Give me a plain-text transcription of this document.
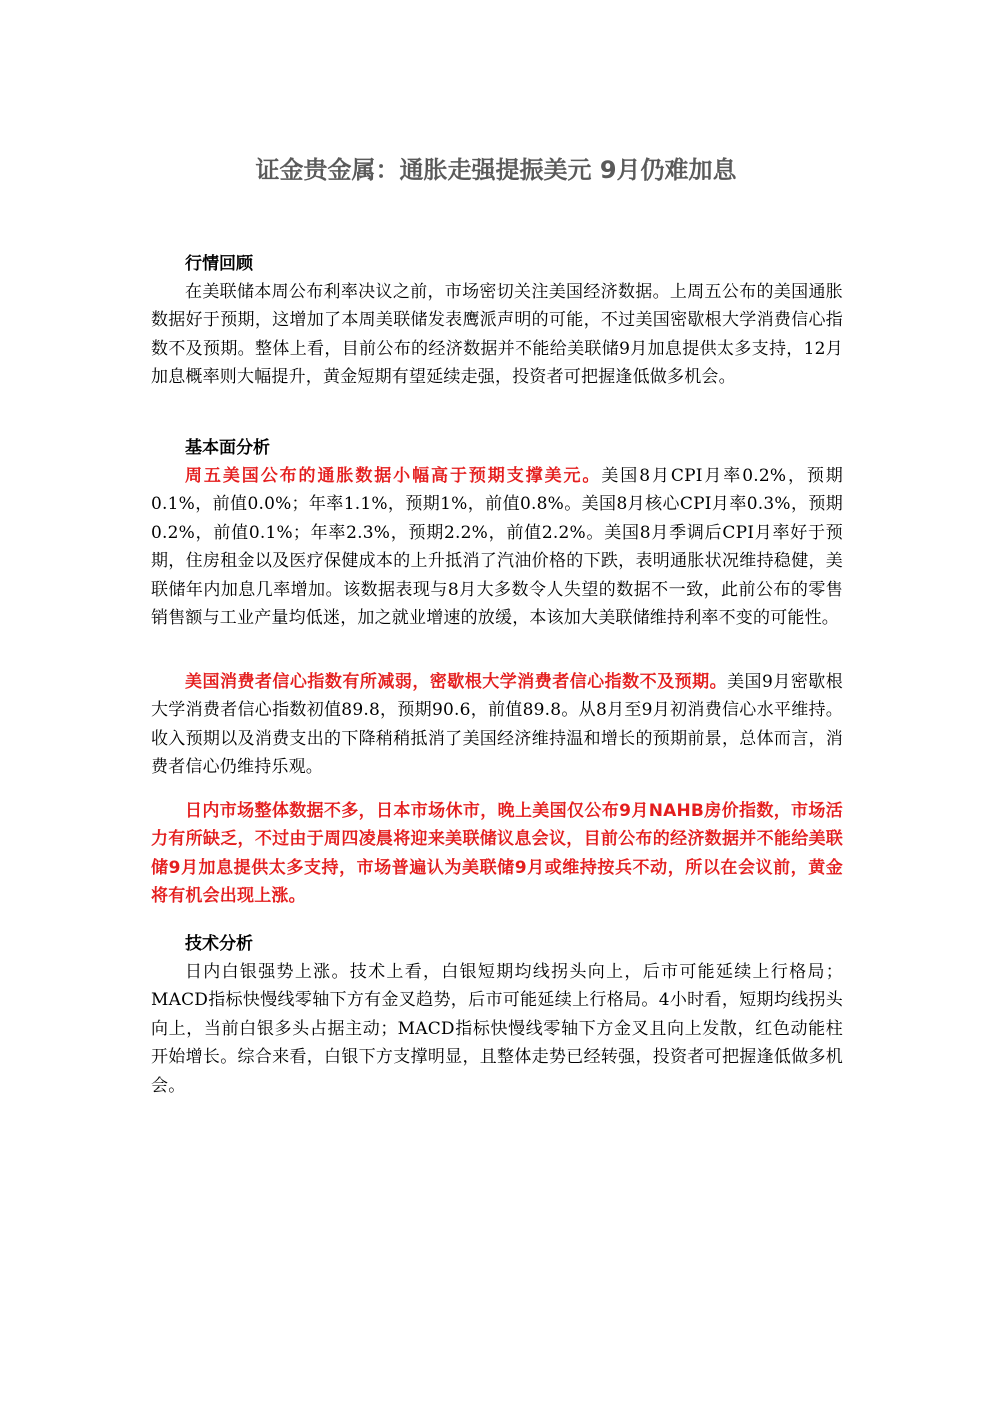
证金贵金属：通胀走强提振美元 9月仍难加息
行情回顾

在美联储本周公布利率决议之前，市场密切关注美国经济数据。上周五公布的美国通胀数据好于预期，这增加了本周美联储发表鹰派声明的可能，不过美国密歇根大学消费信心指数不及预期。整体上看，目前公布的经济数据并不能给美联储9月加息提供太多支持，12月加息概率则大幅提升，黄金短期有望延续走强，投资者可把握逢低做多机会。

基本面分析

周五美国公布的通胀数据小幅高于预期支撑美元。美国8月CPI月率0.2%，预期0.1%，前值0.0%；年率1.1%，预期1%，前值0.8%。美国8月核心CPI月率0.3%，预期0.2%，前值0.1%；年率2.3%，预期2.2%，前值2.2%。美国8月季调后CPI月率好于预期，住房租金以及医疗保健成本的上升抵消了汽油价格的下跌，表明通胀状况维持稳健，美联储年内加息几率增加。该数据表现与8月大多数令人失望的数据不一致，此前公布的零售销售额与工业产量均低迷，加之就业增速的放缓，本该加大美联储维持利率不变的可能性。

美国消费者信心指数有所减弱，密歇根大学消费者信心指数不及预期。美国9月密歇根大学消费者信心指数初值89.8，预期90.6，前值89.8。从8月至9月初消费信心水平维持。收入预期以及消费支出的下降稍稍抵消了美国经济维持温和增长的预期前景，总体而言，消费者信心仍维持乐观。

日内市场整体数据不多，日本市场休市，晚上美国仅公布9月NAHB房价指数，市场活力有所缺乏，不过由于周四凌晨将迎来美联储议息会议，目前公布的经济数据并不能给美联储9月加息提供太多支持，市场普遍认为美联储9月或维持按兵不动，所以在会议前，黄金将有机会出现上涨。

技术分析

日内白银强势上涨。技术上看，白银短期均线拐头向上，后市可能延续上行格局；MACD指标快慢线零轴下方有金叉趋势，后市可能延续上行格局。4小时看，短期均线拐头向上，当前白银多头占据主动；MACD指标快慢线零轴下方金叉且向上发散，红色动能柱开始增长。综合来看，白银下方支撑明显，且整体走势已经转强，投资者可把握逢低做多机会。
